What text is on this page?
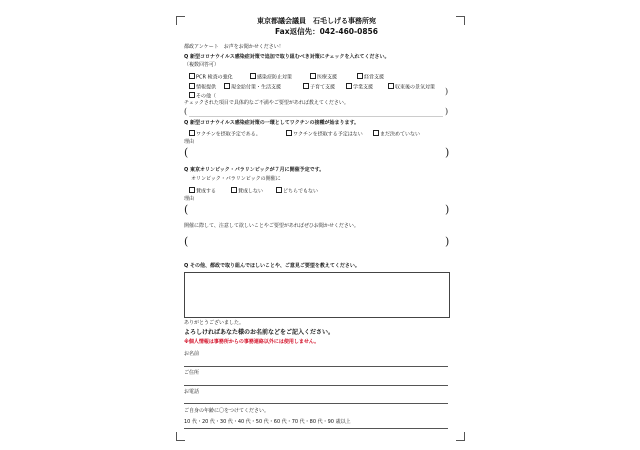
東京都議会議員　石毛しげる事務所宛
Fax返信先：042-460-0856
都政アンケート　お声をお聞かせください！
Q 新型コロナウイルス感染症対策で追加で取り組むべき対策にチェックを入れてください。
（複数回答可）
PCR 検査の強化	感染症防止対策	医療支援	経営支援
情報提供	現金給付策・生活支援	子育て支援	学業支援	収束後の景気対策
その他（
)
チェックされた項目で具体的なご不満やご要望があれば教えてください。
(	)
Q 新型コロナウイルス感染症対策の一環としてワクチンの接種が始まります。
ワクチンを摂取予定である。	ワクチンを摂取する予定はない	まだ決めていない
理由
(	)
Q 東京オリンピック・パラリンピックが７月に開催予定です。
オリンピック・パラリンピックの開催に
賛成する	賛成しない	どちらでもない
理由
(	)
開催に際して、注意して欲しいことやご要望があればぜひお聞かせください。
(	)
Q その他、都政で取り組んでほしいことや、ご意見ご要望を教えてください。
ありがとうございました。
よろしければあなた様のお名前などをご記入ください。
※個人情報は事務所からの事務連絡以外には使用しません。
お名前
ご住所
お電話
ご自身の年齢に〇をつけてください。
10 代・20 代・30 代・40 代・50 代・60 代・70 代・80 代・90 歳以上
